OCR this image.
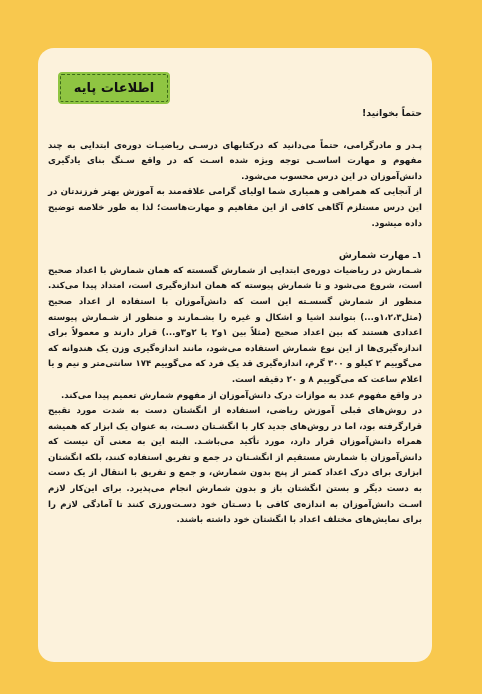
اطلاعات پایه

حتماً بخوانید!

پـدر و مادرگرامی، حتماً می‌دانید که درکتابهای درسـی ریاضیـات دوره‌ی ابتدایی به چند مفهوم و مهارت اساسـی توجه ویژه شده اسـت که در واقع سـنگ بنای یادگیری دانش‌آموزان در این درس محسوب می‌شود.

از آنجایی که همراهی و همیاری شما اولیای گرامی علاقه‌مند به آموزش بهتر فرزندتان در این درس مستلزم آگاهی کافی از این مفاهیم و مهارت‌هاست؛ لذا به طور خلاصه توضیح داده میشود.

۱ـ مهارت شمارش

شـمارش در ریاضیات دوره‌ی ابتدایی از شمارش گسسته که همان شمارش با اعداد صحیح است، شروع می‌شود و تا شمارش پیوسته که همان اندازه‌گیری است، امتداد پیدا می‌کند. منظور از شمارش گسسـته این است که دانش‌آموزان با استفاده از اعداد صحیح (مثل۱،۲،۳و...) بتوانند اشیا و اشکال و غیره را بشـمارند و منظور از شـمارش پیوسته اعدادی هستند که بین اعداد صحیح (مثلاً بین ۱و۲ یا ۲و۳و...) قرار دارند و معمولاً برای اندازه‌گیری‌ها از این نوع شمارش استفاده می‌شود، مانند اندازه‌گیری وزن یک هندوانه که می‌گوییم ۲ کیلو و ۳۰۰ گرم، اندازه‌گیری قد یک فرد که می‌گوییم ۱۷۴ سانتی‌متر و نیم و یا اعلام ساعت که می‌گوییم ۸ و ۲۰ دقیقه است.

در واقع مفهوم عدد به موازات درک دانش‌آموزان از مفهوم شمارش تعمیم پیدا می‌کند.

در روش‌های قبلی آموزش ریاضی، استفاده از انگشتان دست به شدت مورد تقبیح قرارگرفته بود، اما در روش‌های جدید کار با انگشـتان دسـت، به عنوان یک ابزار که همیشه همراه دانش‌آموزان قرار دارد، مورد تأکید می‌باشـد. البته این به معنی آن نیست که دانش‌آموزان با شمارش مستقیم از انگشـتان در جمع و تفریق استفاده کنند، بلکه انگشتان ابزاری برای درک اعداد کمتر از پنج بدون شمارش، و جمع و تفریق با انتقال از یک دست به دست دیگر و بستن انگشتان باز و بدون شمارش انجام می‌پذیرد. برای این‌کار لازم اسـت دانش‌آموزان به اندازه‌ی کافی با دسـتان خود دسـت‌ورزی کنند تا آمادگی لازم را برای نمایش‌های مختلف اعداد با انگشتان خود داشته باشند.
